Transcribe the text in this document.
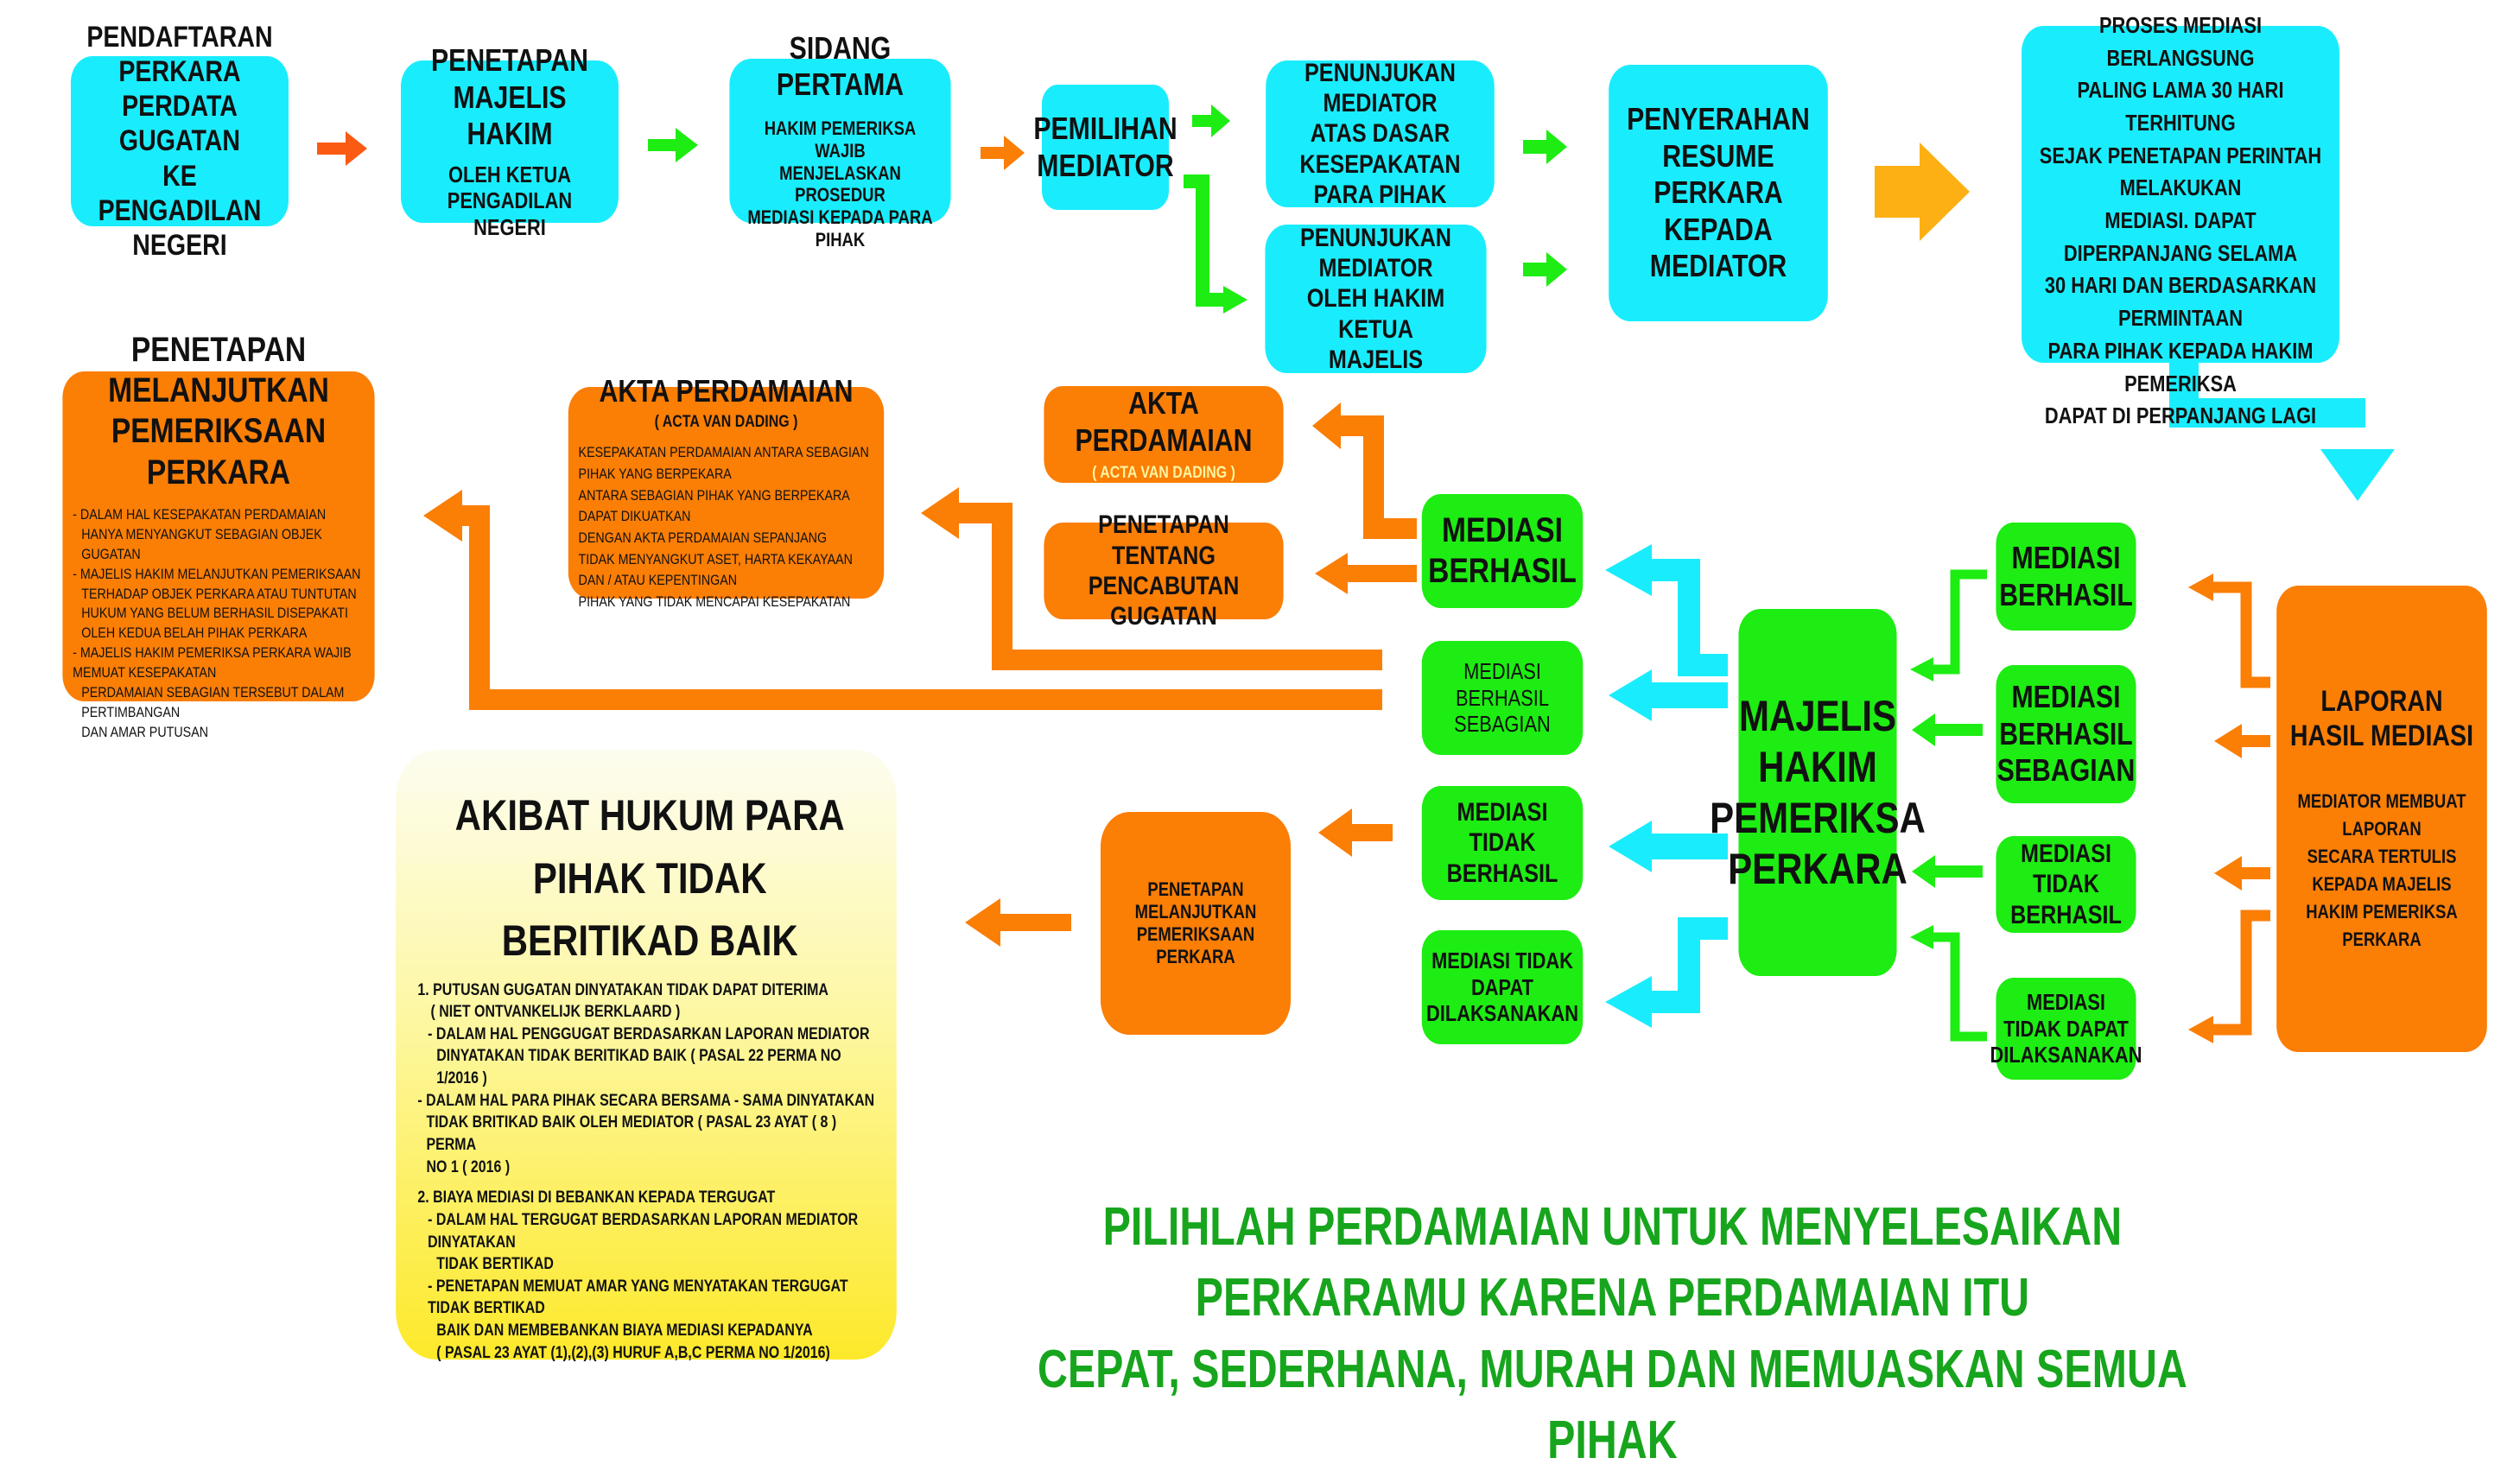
PENDAFTARAN PERKARA
PERDATA GUGATAN
KE PENGADILAN NEGERI
PENETAPAN MAJELIS
HAKIM
OLEH KETUA
PENGADILAN NEGERI
SIDANG PERTAMA
HAKIM PEMERIKSA WAJIB
MENJELASKAN PROSEDUR
MEDIASI KEPADA PARA PIHAK
PEMILIHAN
MEDIATOR
PENUNJUKAN MEDIATOR
ATAS DASAR KESEPAKATAN
PARA PIHAK
PENUNJUKAN MEDIATOR
OLEH HAKIM KETUA
MAJELIS
PENYERAHAN RESUME
PERKARA KEPADA
MEDIATOR
PROSES MEDIASI BERLANGSUNG
PALING LAMA 30 HARI TERHITUNG
SEJAK PENETAPAN PERINTAH MELAKUKAN
MEDIASI. DAPAT DIPERPANJANG SELAMA
30 HARI DAN BERDASARKAN PERMINTAAN
PARA PIHAK KEPADA HAKIM PEMERIKSA
DAPAT DI PERPANJANG LAGI
LAPORAN HASIL MEDIASI
MEDIATOR MEMBUAT LAPORAN
SECARA TERTULIS KEPADA MAJELIS
HAKIM PEMERIKSA PERKARA
MEDIASI
BERHASIL
MEDIASI
BERHASIL
SEBAGIAN
MEDIASI
TIDAK BERHASIL
MEDIASI
TIDAK DAPAT
DILAKSANAKAN
MAJELIS
HAKIM
PEMERIKSA
PERKARA
MEDIASI
BERHASIL
MEDIASI
BERHASIL SEBAGIAN
MEDIASI
TIDAK BERHASIL
MEDIASI TIDAK
DAPAT DILAKSANAKAN
AKTA PERDAMAIAN
( ACTA VAN DADING )
PENETAPAN TENTANG
PENCABUTAN GUGATAN
AKTA PERDAMAIAN
( ACTA VAN DADING )
KESEPAKATAN PERDAMAIAN ANTARA SEBAGIAN PIHAK YANG BERPEKARA
ANTARA SEBAGIAN PIHAK YANG BERPEKARA DAPAT DIKUATKAN
DENGAN AKTA PERDAMAIAN SEPANJANG
TIDAK MENYANGKUT ASET, HARTA KEKAYAAN DAN / ATAU KEPENTINGAN
PIHAK YANG TIDAK MENCAPAI KESEPAKATAN
PENETAPAN MELANJUTKAN
PEMERIKSAAN PERKARA
- DALAM HAL KESEPAKATAN PERDAMAIAN
HANYA MENYANGKUT SEBAGIAN OBJEK GUGATAN
- MAJELIS HAKIM MELANJUTKAN PEMERIKSAAN
TERHADAP OBJEK PERKARA ATAU TUNTUTAN
HUKUM YANG BELUM BERHASIL DISEPAKATI
OLEH KEDUA BELAH PIHAK PERKARA
- MAJELIS HAKIM PEMERIKSA PERKARA WAJIB MEMUAT KESEPAKATAN
PERDAMAIAN SEBAGIAN TERSEBUT DALAM PERTIMBANGAN
DAN AMAR PUTUSAN
PENETAPAN MELANJUTKAN
PEMERIKSAAN PERKARA
AKIBAT HUKUM PARA PIHAK TIDAK
BERITIKAD BAIK
1. PUTUSAN GUGATAN DINYATAKAN TIDAK DAPAT DITERIMA
( NIET ONTVANKELIJK BERKLAARD )
- DALAM HAL PENGGUGAT BERDASARKAN LAPORAN MEDIATOR
DINYATAKAN TIDAK BERITIKAD BAIK ( PASAL 22 PERMA NO 1/2016 )
- DALAM HAL PARA PIHAK SECARA BERSAMA - SAMA DINYATAKAN
TIDAK BRITIKAD BAIK OLEH MEDIATOR ( PASAL 23 AYAT ( 8 ) PERMA
NO 1 ( 2016 )
2. BIAYA MEDIASI DI BEBANKAN KEPADA TERGUGAT
- DALAM HAL TERGUGAT BERDASARKAN LAPORAN MEDIATOR DINYATAKAN
TIDAK BERTIKAD
- PENETAPAN MEMUAT AMAR YANG MENYATAKAN TERGUGAT TIDAK BERTIKAD
BAIK DAN MEMBEBANKAN BIAYA MEDIASI KEPADANYA
( PASAL 23 AYAT (1),(2),(3) HURUF A,B,C PERMA NO 1/2016)
PILIHLAH PERDAMAIAN UNTUK MENYELESAIKAN PERKARAMU KARENA PERDAMAIAN ITU
CEPAT, SEDERHANA, MURAH DAN MEMUASKAN SEMUA PIHAK
